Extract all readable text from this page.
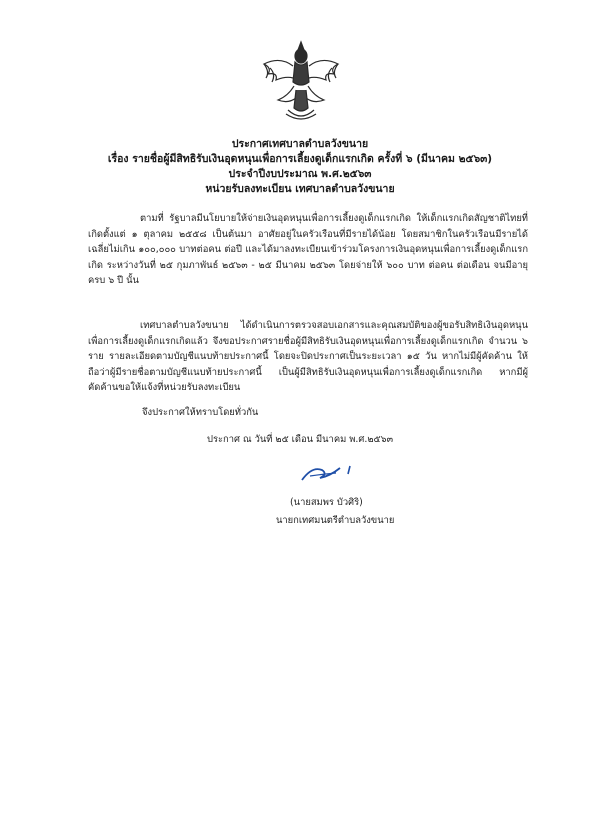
ประกาศเทศบาลตำบลวังขนาย
เรื่อง รายชื่อผู้มีสิทธิรับเงินอุดหนุนเพื่อการเลี้ยงดูเด็กแรกเกิด ครั้งที่ ๖ (มีนาคม ๒๕๖๓)
ประจำปีงบประมาณ พ.ศ.๒๕๖๓
หน่วยรับลงทะเบียน เทศบาลตำบลวังขนาย
ตามที่ รัฐบาลมีนโยบายให้จ่ายเงินอุดหนุนเพื่อการเลี้ยงดูเด็กแรกเกิด ให้เด็กแรกเกิดสัญชาติไทยที่เกิดตั้งแต่ ๑ ตุลาคม ๒๕๕๘ เป็นต้นมา อาศัยอยู่ในครัวเรือนที่มีรายได้น้อย โดยสมาชิกในครัวเรือนมีรายได้เฉลี่ยไม่เกิน ๑๐๐,๐๐๐ บาทต่อคน ต่อปี และได้มาลงทะเบียนเข้าร่วมโครงการเงินอุดหนุนเพื่อการเลี้ยงดูเด็กแรกเกิด ระหว่างวันที่ ๒๕ กุมภาพันธ์ ๒๕๖๓ - ๒๕ มีนาคม ๒๕๖๓ โดยจ่ายให้ ๖๐๐ บาท ต่อคน ต่อเดือน จนมีอายุครบ ๖ ปี นั้น
เทศบาลตำบลวังขนาย ได้ดำเนินการตรวจสอบเอกสารและคุณสมบัติของผู้ขอรับสิทธิเงินอุดหนุนเพื่อการเลี้ยงดูเด็กแรกเกิดแล้ว จึงขอประกาศรายชื่อผู้มีสิทธิรับเงินอุดหนุนเพื่อการเลี้ยงดูเด็กแรกเกิด จำนวน ๖ ราย รายละเอียดตามบัญชีแนบท้ายประกาศนี้ โดยจะปิดประกาศเป็นระยะเวลา ๑๕ วัน หากไม่มีผู้คัดค้าน ให้ถือว่าผู้มีรายชื่อตามบัญชีแนบท้ายประกาศนี้ เป็นผู้มีสิทธิรับเงินอุดหนุนเพื่อการเลี้ยงดูเด็กแรกเกิด หากมีผู้คัดค้านขอให้แจ้งที่หน่วยรับลงทะเบียน
จึงประกาศให้ทราบโดยทั่วกัน
ประกาศ ณ วันที่ ๒๕ เดือน มีนาคม พ.ศ.๒๕๖๓
(นายสมพร บัวศิริ)
นายกเทศมนตรีตำบลวังขนาย
